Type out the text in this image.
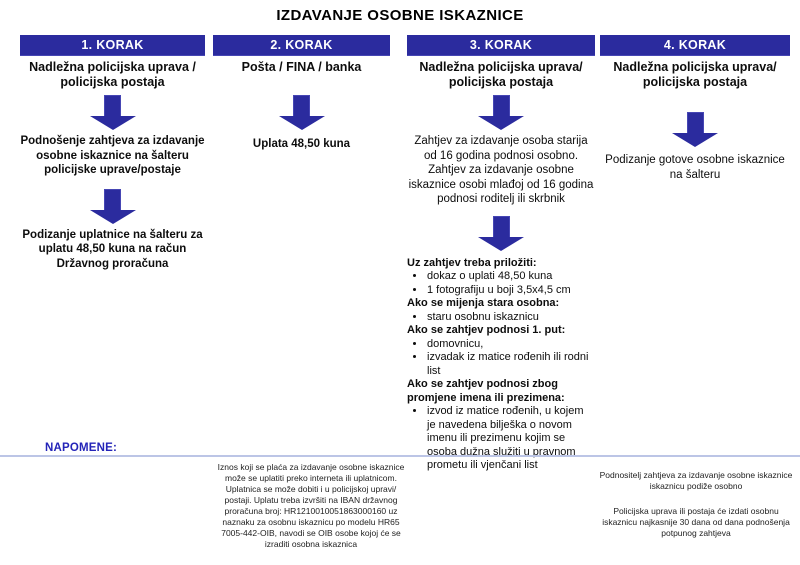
IZDAVANJE OSOBNE ISKAZNICE
1. KORAK
Nadležna policijska uprava / policijska postaja
Podnošenje zahtjeva za izdavanje osobne iskaznice na šalteru policijske uprave/postaje
Podizanje uplatnice na šalteru za uplatu 48,50 kuna na račun Državnog proračuna
2. KORAK
Pošta / FINA / banka
Uplata 48,50 kuna
3. KORAK
Nadležna policijska uprava/ policijska postaja
Zahtjev za izdavanje osoba starija od 16 godina podnosi osobno. Zahtjev za izdavanje osobne iskaznice osobi mlađoj od 16 godina podnosi roditelj ili skrbnik
Uz zahtjev treba priložiti:
• dokaz o uplati 48,50 kuna
• 1 fotografiju u boji 3,5x4,5 cm
Ako se mijenja stara osobna:
• staru osobnu iskaznicu
Ako se zahtjev podnosi 1. put:
• domovnicu,
• izvadak iz matice rođenih ili rodni list
Ako se zahtjev podnosi zbog promjene imena ili prezimena:
• izvod iz matice rođenih, u kojem je navedena bilješka o novom imenu ili prezimenu kojim se osoba dužna služiti u pravnom prometu ili vjenčani list
4. KORAK
Nadležna policijska uprava/ policijska postaja
Podizanje gotove osobne iskaznice na šalteru
NAPOMENE:
Iznos koji se plaća za izdavanje osobne iskaznice može se uplatiti preko interneta ili uplatnicom. Uplatnica se može dobiti i u policijskoj upravi/ postaji. Uplatu treba izvršiti na IBAN državnog proračuna broj: HR1210010051863000160 uz naznaku za osobnu iskaznicu po modelu HR65 7005-442-OIB, navodi se OIB osobe kojoj će se izraditi osobna iskaznica
Podnositelj zahtjeva za izdavanje osobne iskaznice iskaznicu podiže osobno
Policijska uprava ili postaja će izdati osobnu iskaznicu najkasnije 30 dana od dana podnošenja potpunog zahtjeva
